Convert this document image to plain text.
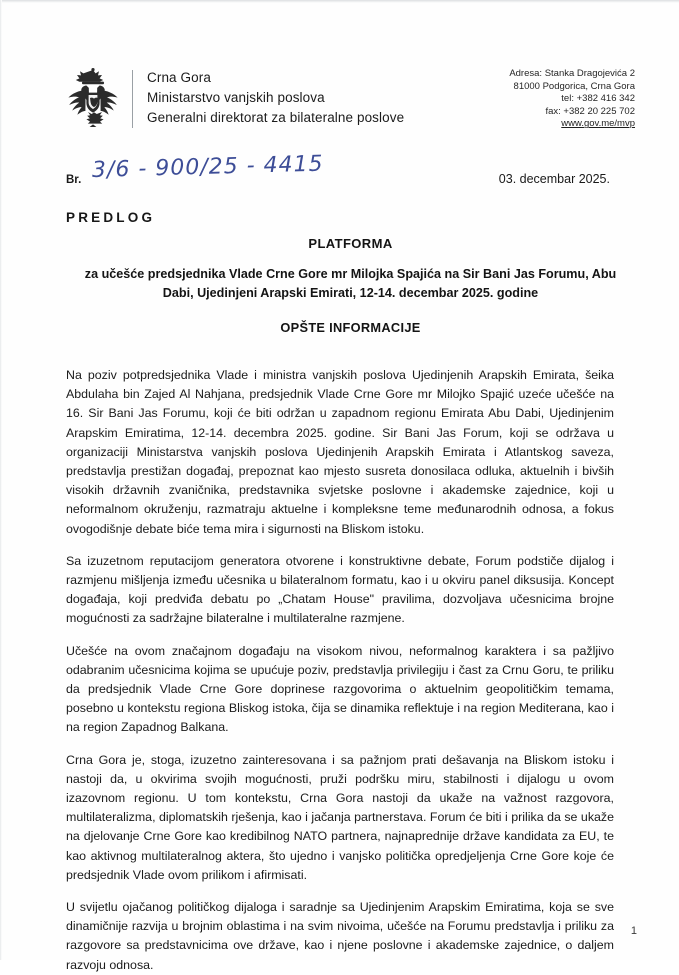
Crna Gora
Ministarstvo vanjskih poslova
Generalni direktorat za bilateralne poslove
Adresa: Stanka Dragojevića 2
81000 Podgorica, Crna Gora
tel: +382 416 342
fax: +382 20 225 702
www.gov.me/mvp
Br. 3/6 - 900/25 - 4415	03. decembar 2025.
PREDLOG
PLATFORMA
za učešće predsjednika Vlade Crne Gore mr Milojka Spajića na Sir Bani Jas Forumu, Abu Dabi, Ujedinjeni Arapski Emirati, 12-14. decembar 2025. godine
OPŠTE INFORMACIJE

Na poziv potpredsjednika Vlade i ministra vanjskih poslova Ujedinjenih Arapskih Emirata, šeika Abdulaha bin Zajed Al Nahjana, predsjednik Vlade Crne Gore mr Milojko Spajić uzeće učešće na 16. Sir Bani Jas Forumu, koji će biti održan u zapadnom regionu Emirata Abu Dabi, Ujedinjenim Arapskim Emiratima, 12-14. decembra 2025. godine. Sir Bani Jas Forum, koji se održava u organizaciji Ministarstva vanjskih poslova Ujedinjenih Arapskih Emirata i Atlantskog saveza, predstavlja prestižan događaj, prepoznat kao mjesto susreta donosilaca odluka, aktuelnih i bivših visokih državnih zvaničnika, predstavnika svjetske poslovne i akademske zajednice, koji u neformalnom okruženju, razmatraju aktuelne i kompleksne teme međunarodnih odnosa, a fokus ovogodišnje debate biće tema mira i sigurnosti na Bliskom istoku.

Sa izuzetnom reputacijom generatora otvorene i konstruktivne debate, Forum podstiče dijalog i razmjenu mišljenja između učesnika u bilateralnom formatu, kao i u okviru panel diksusija. Koncept događaja, koji predviđa debatu po „Chatam House" pravilima, dozvoljava učesnicima brojne mogućnosti za sadržajne bilateralne i multilateralne razmjene.

Učešće na ovom značajnom događaju na visokom nivou, neformalnog karaktera i sa pažljivo odabranim učesnicima kojima se upućuje poziv, predstavlja privilegiju i čast za Crnu Goru, te priliku da predsjednik Vlade Crne Gore doprinese razgovorima o aktuelnim geopolitičkim temama, posebno u kontekstu regiona Bliskog istoka, čija se dinamika reflektuje i na region Mediterana, kao i na region Zapadnog Balkana.

Crna Gora je, stoga, izuzetno zainteresovana i sa pažnjom prati dešavanja na Bliskom istoku i nastoji da, u okvirima svojih mogućnosti, pruži podršku miru, stabilnosti i dijalogu u ovom izazovnom regionu. U tom kontekstu, Crna Gora nastoji da ukaže na važnost razgovora, multilateralizma, diplomatskih rješenja, kao i jačanja partnerstava. Forum će biti i prilika da se ukaže na djelovanje Crne Gore kao kredibilnog NATO partnera, najnaprednije države kandidata za EU, te kao aktivnog multilateralnog aktera, što ujedno i vanjsko politička opredjeljenja Crne Gore koje će predsjednik Vlade ovom prilikom i afirmisati.

U svijetlu ojačanog političkog dijaloga i saradnje sa Ujedinjenim Arapskim Emiratima, koja se sve dinamičnije razvija u brojnim oblastima i na svim nivoima, učešće na Forumu predstavlja i priliku za razgovore sa predstavnicima ove države, kao i njene poslovne i akademske zajednice, o daljem razvoju odnosa.

1
